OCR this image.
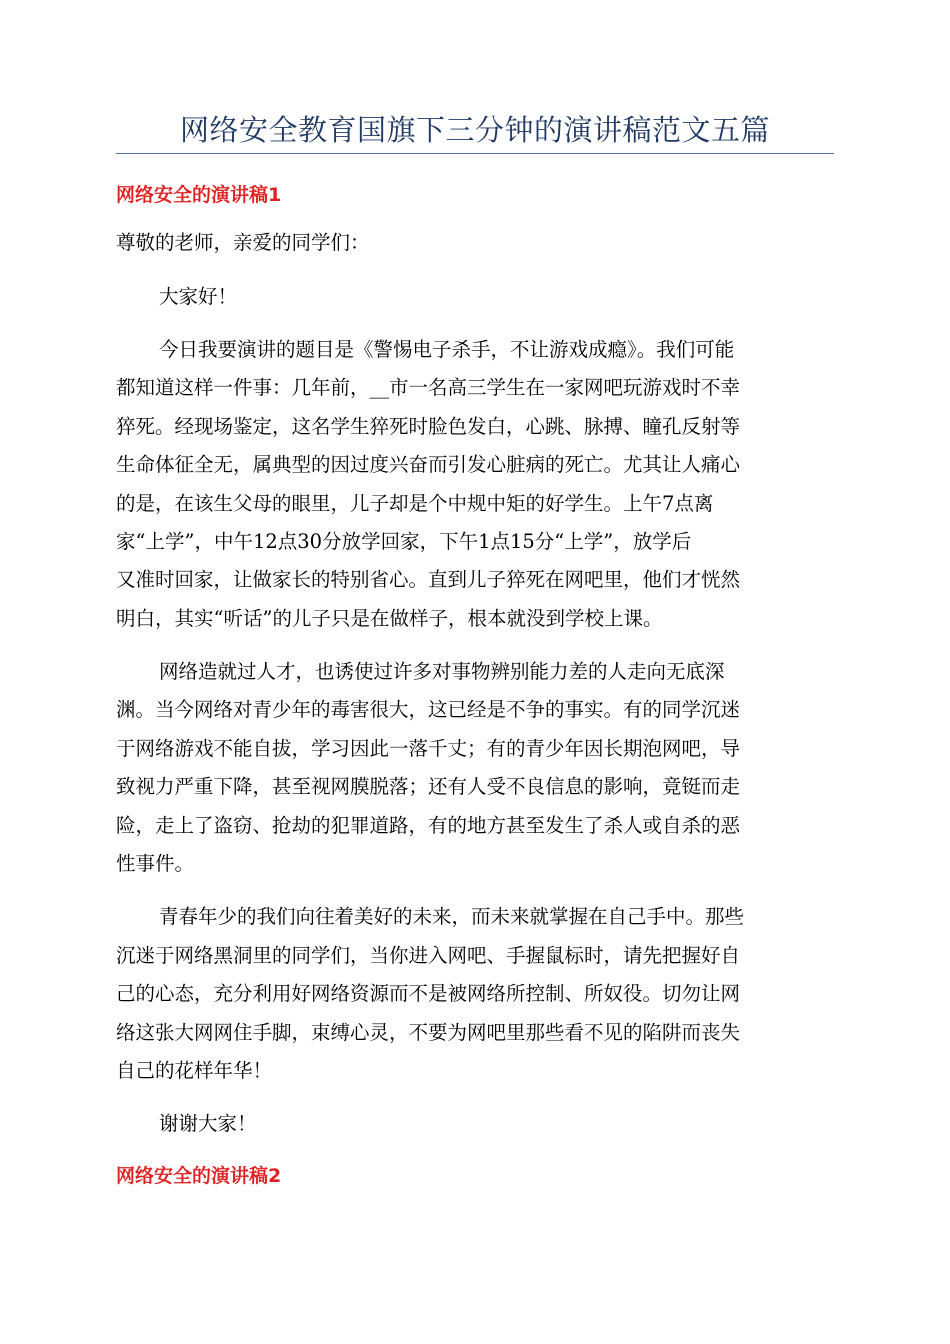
网络安全教育国旗下三分钟的演讲稿范文五篇
网络安全的演讲稿1
尊敬的老师，亲爱的同学们：
大家好！
今日我要演讲的题目是《警惕电子杀手，不让游戏成瘾》。我们可能
都知道这样一件事：几年前，__市一名高三学生在一家网吧玩游戏时不幸
猝死。经现场鉴定，这名学生猝死时脸色发白，心跳、脉搏、瞳孔反射等
生命体征全无，属典型的因过度兴奋而引发心脏病的死亡。尤其让人痛心
的是，在该生父母的眼里，儿子却是个中规中矩的好学生。上午7点离
家“上学”，中午12点30分放学回家，下午1点15分“上学”，放学后
又准时回家，让做家长的特别省心。直到儿子猝死在网吧里，他们才恍然
明白，其实“听话”的儿子只是在做样子，根本就没到学校上课。
网络造就过人才，也诱使过许多对事物辨别能力差的人走向无底深
渊。当今网络对青少年的毒害很大，这已经是不争的事实。有的同学沉迷
于网络游戏不能自拔，学习因此一落千丈；有的青少年因长期泡网吧，导
致视力严重下降，甚至视网膜脱落；还有人受不良信息的影响，竟铤而走
险，走上了盗窃、抢劫的犯罪道路，有的地方甚至发生了杀人或自杀的恶
性事件。
青春年少的我们向往着美好的未来，而未来就掌握在自己手中。那些
沉迷于网络黑洞里的同学们，当你进入网吧、手握鼠标时，请先把握好自
己的心态，充分利用好网络资源而不是被网络所控制、所奴役。切勿让网
络这张大网网住手脚，束缚心灵，不要为网吧里那些看不见的陷阱而丧失
自己的花样年华！
谢谢大家！
网络安全的演讲稿2
